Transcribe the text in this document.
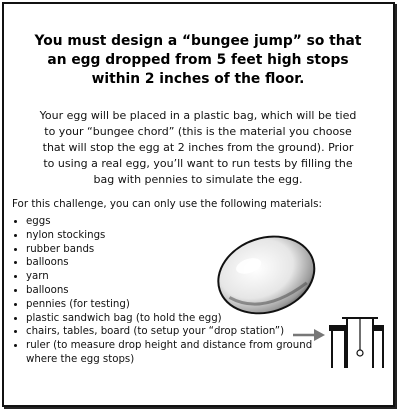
You must design a “bungee jump” so that
an egg dropped from 5 feet high stops
within 2 inches of the floor.

Your egg will be placed in a plastic bag, which will be tied
to your “bungee chord” (this is the material you choose
that will stop the egg at 2 inches from the ground). Prior
to using a real egg, you’ll want to run tests by filling the
bag with pennies to simulate the egg.

For this challenge, you can only use the following materials:

eggs
nylon stockings
rubber bands
balloons
yarn
balloons
pennies (for testing)
plastic sandwich bag (to hold the egg)
chairs, tables, board (to setup your “drop station”)
ruler (to measure drop height and distance from ground where the egg stops)
